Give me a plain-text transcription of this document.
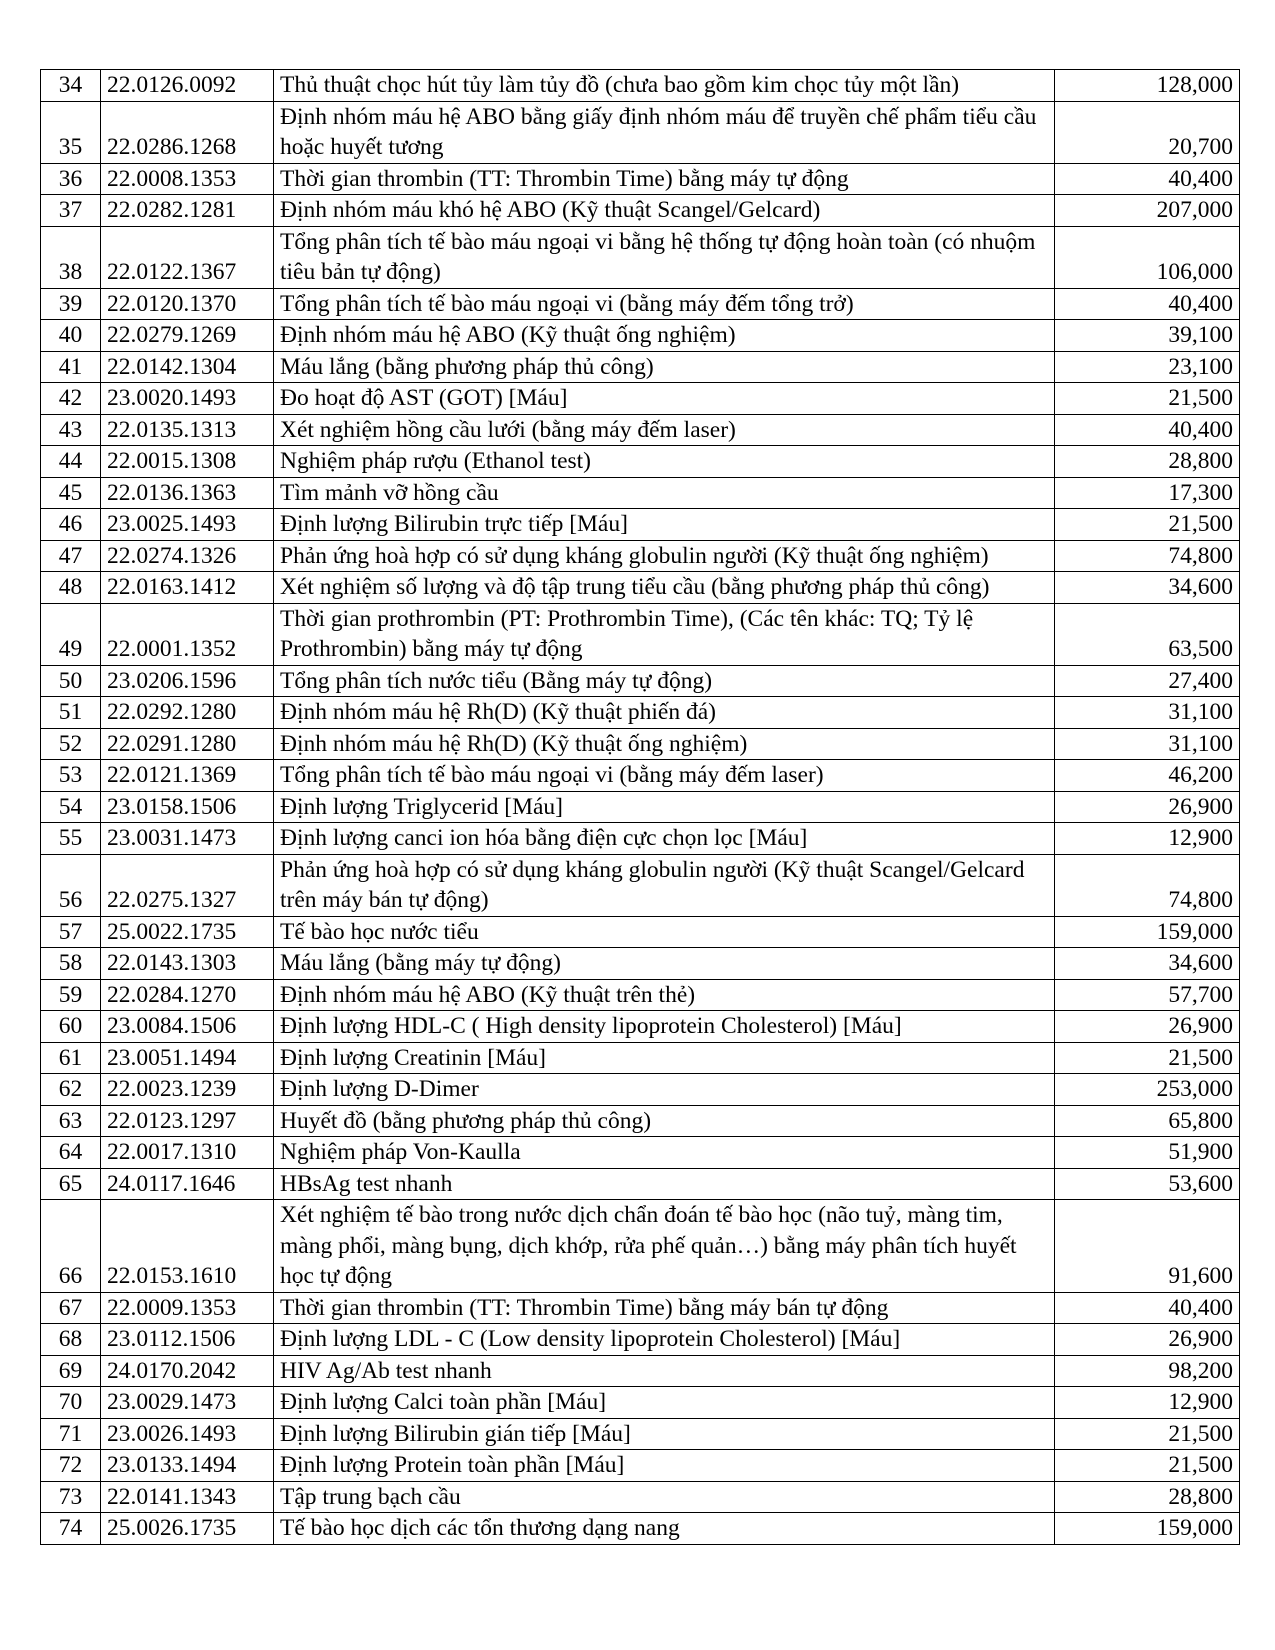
34	22.0126.0092	Thủ thuật chọc hút tủy làm tủy đồ (chưa bao gồm kim chọc tủy một lần)	128,000
35	22.0286.1268	Định nhóm máu hệ ABO bằng giấy định nhóm máu để truyền chế phẩm tiểu cầu hoặc huyết tương	20,700
36	22.0008.1353	Thời gian thrombin (TT: Thrombin Time) bằng máy tự động	40,400
37	22.0282.1281	Định nhóm máu khó hệ ABO (Kỹ thuật Scangel/Gelcard)	207,000
38	22.0122.1367	Tổng phân tích tế bào máu ngoại vi bằng hệ thống tự động hoàn toàn (có nhuộm tiêu bản tự động)	106,000
39	22.0120.1370	Tổng phân tích tế bào máu ngoại vi (bằng máy đếm tổng trở)	40,400
40	22.0279.1269	Định nhóm máu hệ ABO (Kỹ thuật ống nghiệm)	39,100
41	22.0142.1304	Máu lắng (bằng phương pháp thủ công)	23,100
42	23.0020.1493	Đo hoạt độ AST (GOT) [Máu]	21,500
43	22.0135.1313	Xét nghiệm hồng cầu lưới (bằng máy đếm laser)	40,400
44	22.0015.1308	Nghiệm pháp rượu (Ethanol test)	28,800
45	22.0136.1363	Tìm mảnh vỡ hồng cầu	17,300
46	23.0025.1493	Định lượng Bilirubin trực tiếp [Máu]	21,500
47	22.0274.1326	Phản ứng hoà hợp có sử dụng kháng globulin người (Kỹ thuật ống nghiệm)	74,800
48	22.0163.1412	Xét nghiệm số lượng và độ tập trung tiểu cầu (bằng phương pháp thủ công)	34,600
49	22.0001.1352	Thời gian prothrombin (PT: Prothrombin Time), (Các tên khác: TQ; Tỷ lệ Prothrombin) bằng máy tự động	63,500
50	23.0206.1596	Tổng phân tích nước tiểu (Bằng máy tự động)	27,400
51	22.0292.1280	Định nhóm máu hệ Rh(D) (Kỹ thuật phiến đá)	31,100
52	22.0291.1280	Định nhóm máu hệ Rh(D) (Kỹ thuật ống nghiệm)	31,100
53	22.0121.1369	Tổng phân tích tế bào máu ngoại vi (bằng máy đếm laser)	46,200
54	23.0158.1506	Định lượng Triglycerid [Máu]	26,900
55	23.0031.1473	Định lượng canci ion hóa bằng điện cực chọn lọc [Máu]	12,900
56	22.0275.1327	Phản ứng hoà hợp có sử dụng kháng globulin người (Kỹ thuật Scangel/Gelcard trên máy bán tự động)	74,800
57	25.0022.1735	Tế bào học nước tiểu	159,000
58	22.0143.1303	Máu lắng (bằng máy tự động)	34,600
59	22.0284.1270	Định nhóm máu hệ ABO (Kỹ thuật trên thẻ)	57,700
60	23.0084.1506	Định lượng HDL-C ( High density lipoprotein Cholesterol) [Máu]	26,900
61	23.0051.1494	Định lượng Creatinin [Máu]	21,500
62	22.0023.1239	Định lượng D-Dimer	253,000
63	22.0123.1297	Huyết đồ (bằng phương pháp thủ công)	65,800
64	22.0017.1310	Nghiệm pháp Von-Kaulla	51,900
65	24.0117.1646	HBsAg test nhanh	53,600
66	22.0153.1610	Xét nghiệm tế bào trong nước dịch chẩn đoán tế bào học (não tuỷ, màng tim, màng phổi, màng bụng, dịch khớp, rửa phế quản…) bằng máy phân tích huyết học tự động	91,600
67	22.0009.1353	Thời gian thrombin (TT: Thrombin Time) bằng máy bán tự động	40,400
68	23.0112.1506	Định lượng LDL - C (Low density lipoprotein Cholesterol) [Máu]	26,900
69	24.0170.2042	HIV Ag/Ab test nhanh	98,200
70	23.0029.1473	Định lượng Calci toàn phần [Máu]	12,900
71	23.0026.1493	Định lượng Bilirubin gián tiếp [Máu]	21,500
72	23.0133.1494	Định lượng Protein toàn phần [Máu]	21,500
73	22.0141.1343	Tập trung bạch cầu	28,800
74	25.0026.1735	Tế bào học dịch các tổn thương dạng nang	159,000
